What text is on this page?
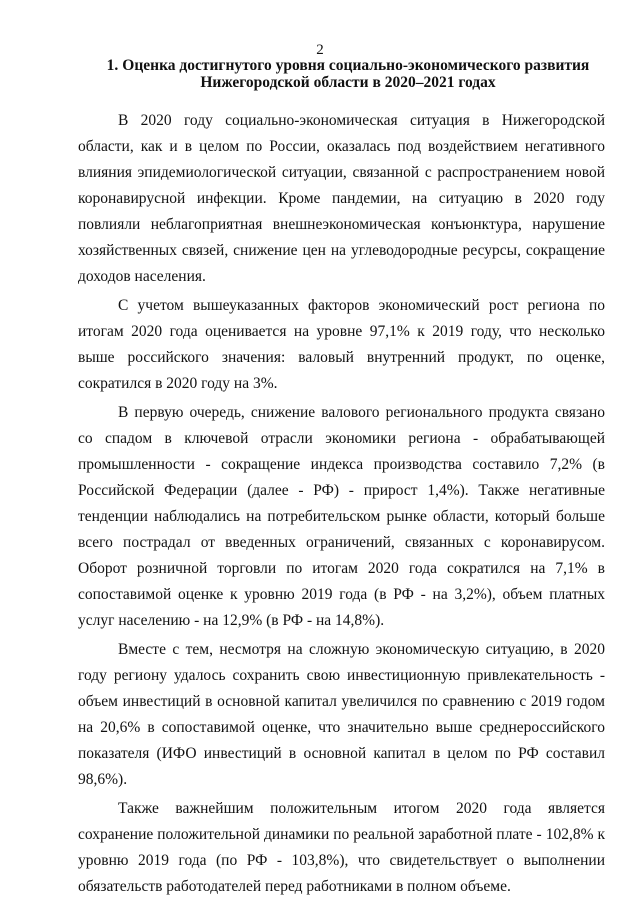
2
1. Оценка достигнутого уровня социально-экономического развития
Нижегородской области в 2020–2021 годах

В 2020 году социально-экономическая ситуация в Нижегородской области, как и в целом по России, оказалась под воздействием негативного влияния эпидемиологической ситуации, связанной с распространением новой коронавирусной инфекции. Кроме пандемии, на ситуацию в 2020 году повлияли неблагоприятная внешнеэкономическая конъюнктура, нарушение хозяйственных связей, снижение цен на углеводородные ресурсы, сокращение доходов населения.

С учетом вышеуказанных факторов экономический рост региона по итогам 2020 года оценивается на уровне 97,1% к 2019 году, что несколько выше российского значения: валовый внутренний продукт, по оценке, сократился в 2020 году на 3%.

В первую очередь, снижение валового регионального продукта связано со спадом в ключевой отрасли экономики региона - обрабатывающей промышленности - сокращение индекса производства составило 7,2% (в Российской Федерации (далее - РФ) - прирост 1,4%). Также негативные тенденции наблюдались на потребительском рынке области, который больше всего пострадал от введенных ограничений, связанных с коронавирусом. Оборот розничной торговли по итогам 2020 года сократился на 7,1% в сопоставимой оценке к уровню 2019 года (в РФ - на 3,2%), объем платных услуг населению - на 12,9% (в РФ - на 14,8%).

Вместе с тем, несмотря на сложную экономическую ситуацию, в 2020 году региону удалось сохранить свою инвестиционную привлекательность - объем инвестиций в основной капитал увеличился по сравнению с 2019 годом на 20,6% в сопоставимой оценке, что значительно выше среднероссийского показателя (ИФО инвестиций в основной капитал в целом по РФ составил 98,6%).

Также важнейшим положительным итогом 2020 года является сохранение положительной динамики по реальной заработной плате - 102,8% к уровню 2019 года (по РФ - 103,8%), что свидетельствует о выполнении обязательств работодателей перед работниками в полном объеме.
